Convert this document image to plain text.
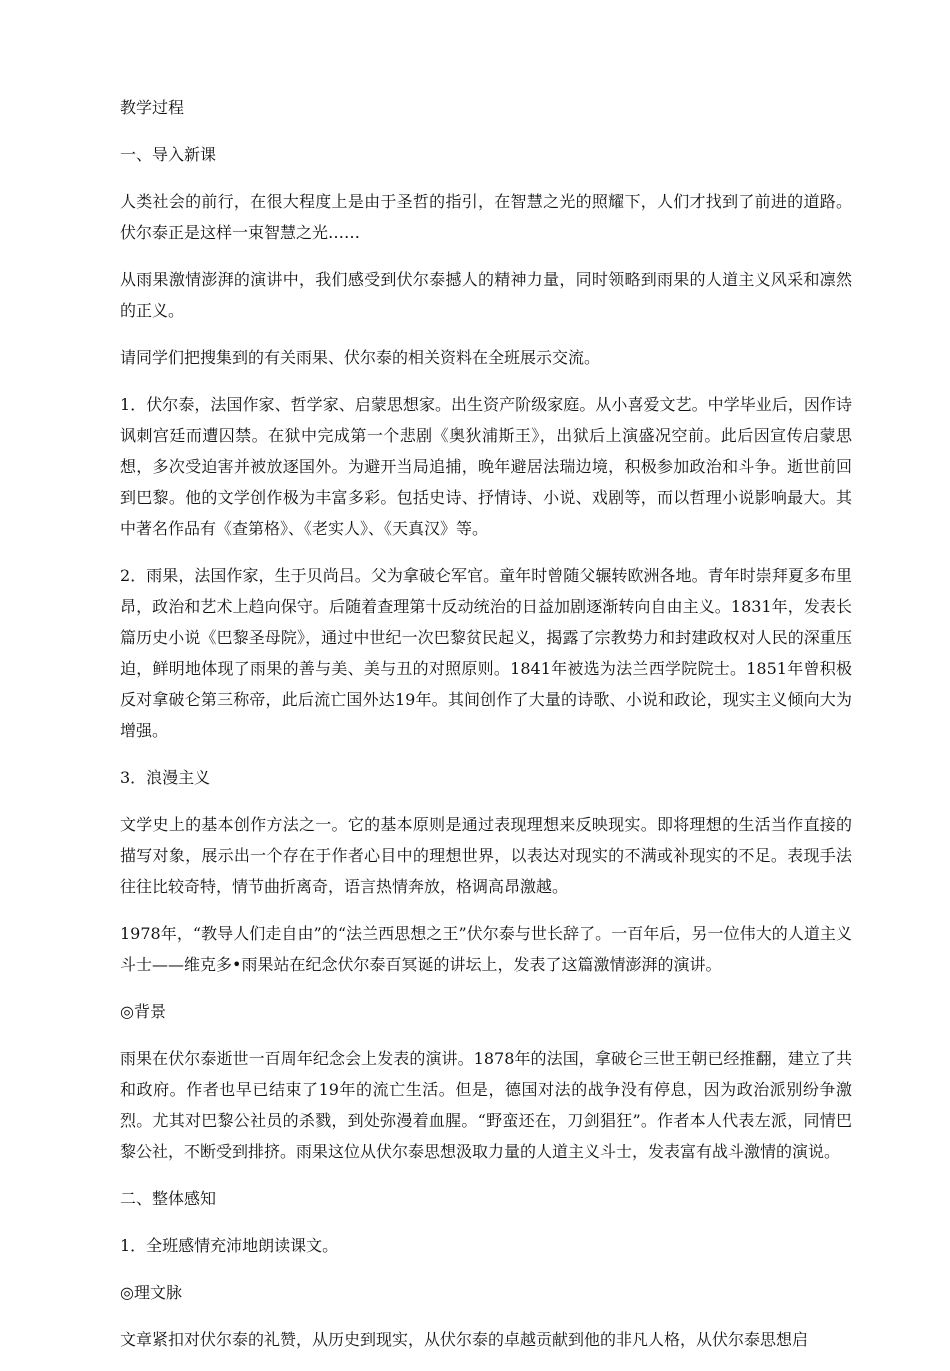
教学过程

一、导入新课

人类社会的前行，在很大程度上是由于圣哲的指引，在智慧之光的照耀下，人们才找到了前进的道路。伏尔泰正是这样一束智慧之光……

从雨果激情澎湃的演讲中，我们感受到伏尔泰撼人的精神力量，同时领略到雨果的人道主义风采和凛然的正义。

请同学们把搜集到的有关雨果、伏尔泰的相关资料在全班展示交流。

1．伏尔泰，法国作家、哲学家、启蒙思想家。出生资产阶级家庭。从小喜爱文艺。中学毕业后，因作诗讽刺宫廷而遭囚禁。在狱中完成第一个悲剧《奥狄浦斯王》，出狱后上演盛况空前。此后因宣传启蒙思想，多次受迫害并被放逐国外。为避开当局追捕，晚年避居法瑞边境，积极参加政治和斗争。逝世前回到巴黎。他的文学创作极为丰富多彩。包括史诗、抒情诗、小说、戏剧等，而以哲理小说影响最大。其中著名作品有《查第格》、《老实人》、《天真汉》等。

2．雨果，法国作家，生于贝尚吕。父为拿破仑军官。童年时曾随父辗转欧洲各地。青年时崇拜夏多布里昂，政治和艺术上趋向保守。后随着查理第十反动统治的日益加剧逐渐转向自由主义。1831年，发表长篇历史小说《巴黎圣母院》，通过中世纪一次巴黎贫民起义，揭露了宗教势力和封建政权对人民的深重压迫，鲜明地体现了雨果的善与美、美与丑的对照原则。1841年被选为法兰西学院院士。1851年曾积极反对拿破仑第三称帝，此后流亡国外达19年。其间创作了大量的诗歌、小说和政论，现实主义倾向大为增强。

3．浪漫主义

文学史上的基本创作方法之一。它的基本原则是通过表现理想来反映现实。即将理想的生活当作直接的描写对象，展示出一个存在于作者心目中的理想世界，以表达对现实的不满或补现实的不足。表现手法往往比较奇特，情节曲折离奇，语言热情奔放，格调高昂激越。

1978年，“教导人们走自由”的“法兰西思想之王”伏尔泰与世长辞了。一百年后，另一位伟大的人道主义斗士——维克多•雨果站在纪念伏尔泰百冥诞的讲坛上，发表了这篇激情澎湃的演讲。

◎背景

雨果在伏尔泰逝世一百周年纪念会上发表的演讲。1878年的法国，拿破仑三世王朝已经推翻，建立了共和政府。作者也早已结束了19年的流亡生活。但是，德国对法的战争没有停息，因为政治派别纷争激烈。尤其对巴黎公社员的杀戮，到处弥漫着血腥。“野蛮还在，刀剑猖狂”。作者本人代表左派，同情巴黎公社，不断受到排挤。雨果这位从伏尔泰思想汲取力量的人道主义斗士，发表富有战斗激情的演说。

二、整体感知

1．全班感情充沛地朗读课文。

◎理文脉

文章紧扣对伏尔泰的礼赞，从历史到现实，从伏尔泰的卓越贡献到他的非凡人格，从伏尔泰思想启
